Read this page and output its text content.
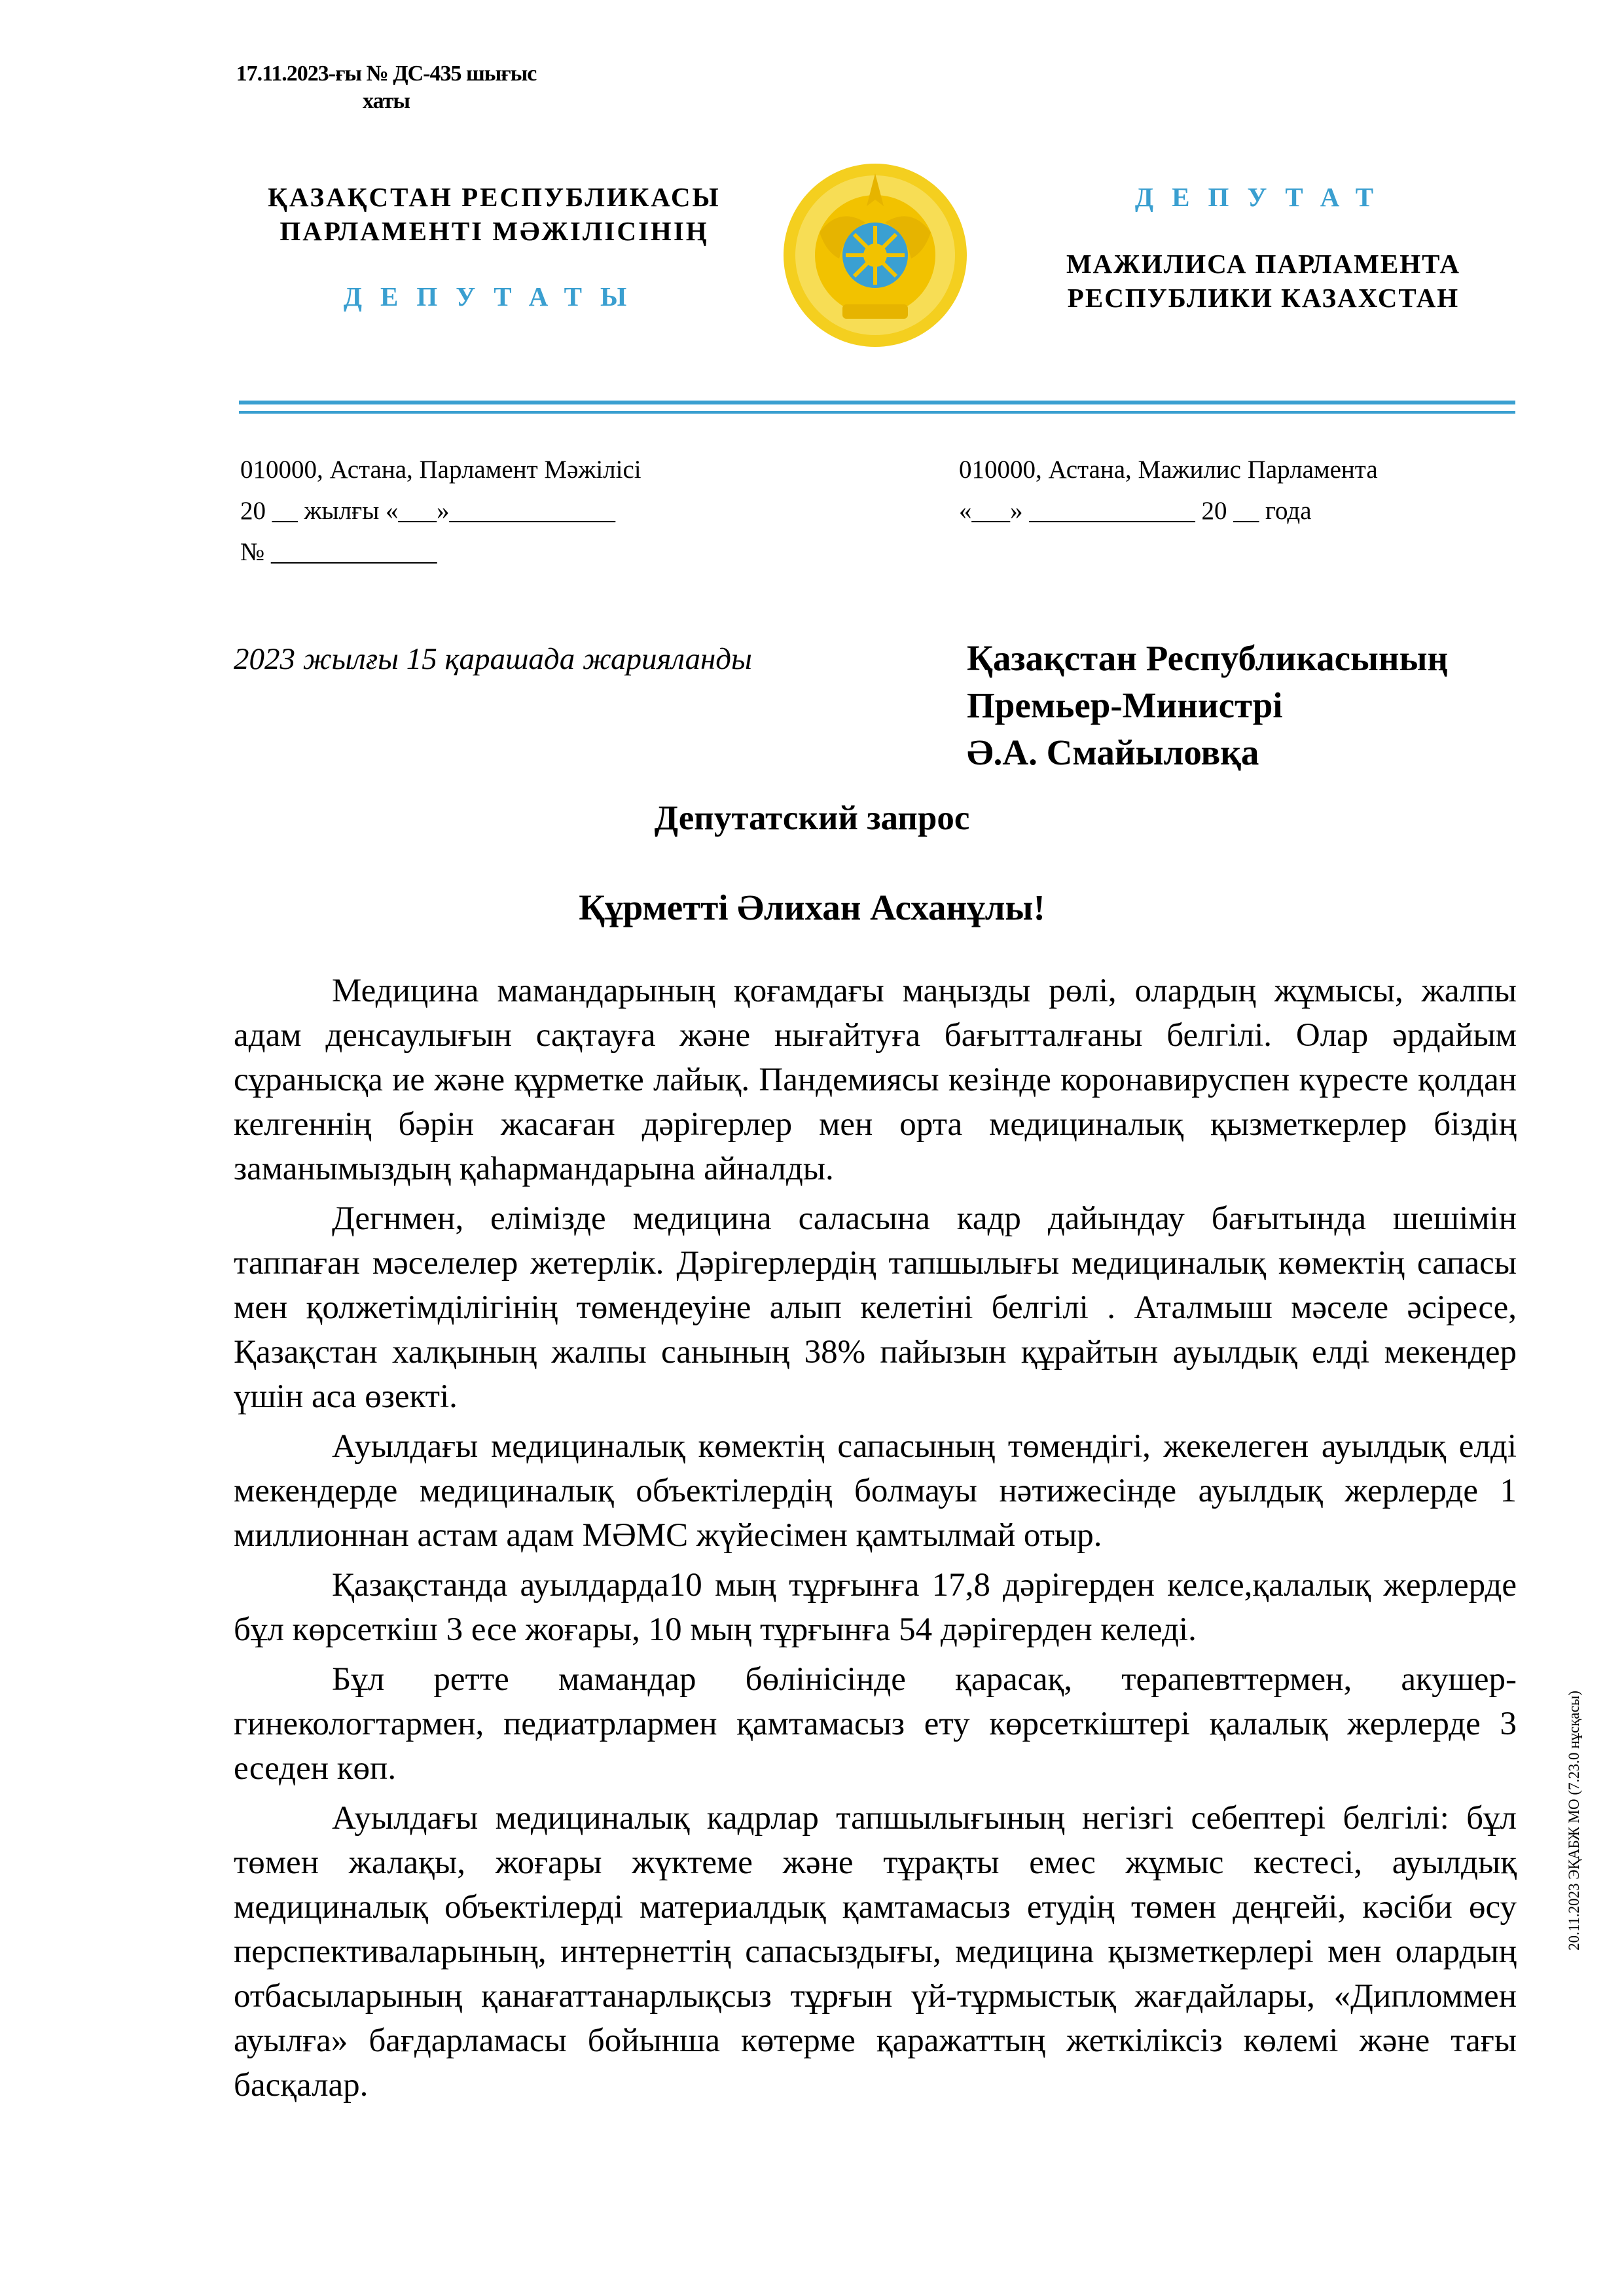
17.11.2023-ғы № ДС-435 шығыс
хаты
ҚАЗАҚСТАН РЕСПУБЛИКАСЫ
ПАРЛАМЕНТІ МӘЖІЛІСІНІҢ
ДЕПУТАТЫ
ДЕПУТАТ
МАЖИЛИСА ПАРЛАМЕНТА
РЕСПУБЛИКИ КАЗАХСТАН
010000, Астана, Парламент Мәжілісі
20 __ жылғы «___»_____________
№ _____________
010000, Астана, Мажилис Парламента
«___» _____________ 20 __ года
2023 жылғы 15 қарашада жарияланды	Қазақстан Республикасының
Премьер-Министрі
Ә.А. Смайыловқа
Депутатский запрос
Құрметті Әлихан Асханұлы!

Медицина мамандарының қоғамдағы маңызды рөлі, олардың жұмысы, жалпы адам денсаулығын сақтауға және нығайтуға бағытталғаны белгілі. Олар әрдайым сұранысқа ие және құрметке лайық. Пандемиясы кезінде коронавируспен күресте қолдан келгеннің бәрін жасаған дәрігерлер мен орта медициналық қызметкерлер біздің заманымыздың қаһармандарына айналды.

Дегнмен, елімізде медицина саласына кадр дайындау бағытында шешімін таппаған мәселелер жетерлік. Дәрігерлердің тапшылығы медициналық көмектің сапасы мен қолжетімділігінің төмендеуіне алып келетіні белгілі . Аталмыш мәселе әсіресе, Қазақстан халқының жалпы санының 38% пайызын құрайтын ауылдық елді мекендер үшін аса өзекті.

Ауылдағы медициналық көмектің сапасының төмендігі, жекелеген ауылдық елді мекендерде медициналық объектілердің болмауы нәтижесінде ауылдық жерлерде 1 миллионнан астам адам МӘМС жүйесімен қамтылмай отыр.

Қазақстанда ауылдарда10 мың тұрғынға 17,8 дәрігерден келсе,қалалық жерлерде бұл көрсеткіш 3 есе жоғары, 10 мың тұрғынға 54 дәрігерден келеді.

Бұл ретте мамандар бөлінісінде қарасақ, терапевттермен, акушер-гинекологтармен, педиатрлармен қамтамасыз ету көрсеткіштері қалалық жерлерде 3 еседен көп.

Ауылдағы медициналық кадрлар тапшылығының негізгі себептері белгілі: бұл төмен жалақы, жоғары жүктеме және тұрақты емес жұмыс кестесі, ауылдық медициналық объектілерді материалдық қамтамасыз етудің төмен деңгейі, кәсіби өсу перспективаларының, интернеттің сапасыздығы, медицина қызметкерлері мен олардың отбасыларының қанағаттанарлықсыз тұрғын үй-тұрмыстық жағдайлары, «Дипломмен ауылға» бағдарламасы бойынша көтерме қаражаттың жеткіліксіз көлемі және тағы басқалар.

20.11.2023 ЭҚАБЖ МО (7.23.0 нұсқасы)
